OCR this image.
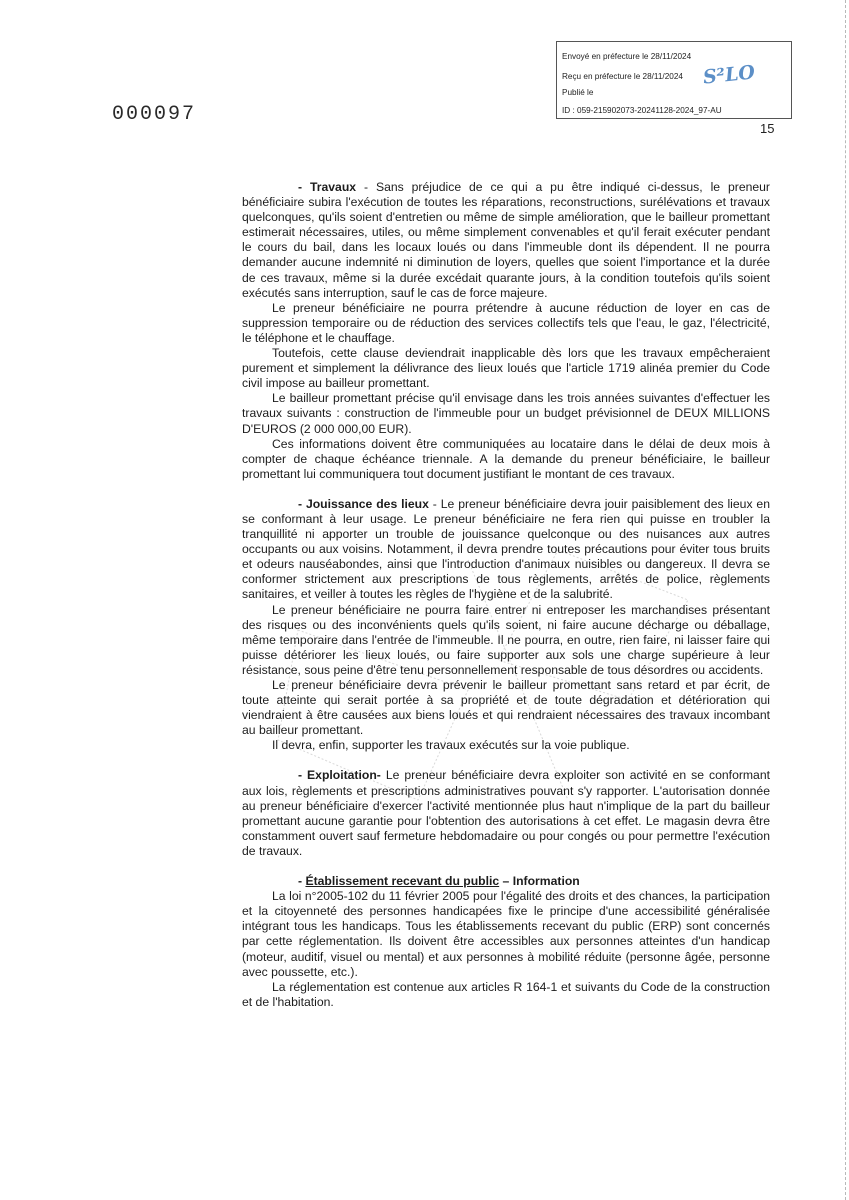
Envoyé en préfecture le 28/11/2024
Reçu en préfecture le 28/11/2024
Publié le
ID : 059-215902073-20241128-2024_97-AU
S²LO
000097
15

- Travaux - Sans préjudice de ce qui a pu être indiqué ci-dessus, le preneur bénéficiaire subira l'exécution de toutes les réparations, reconstructions, surélévations et travaux quelconques, qu'ils soient d'entretien ou même de simple amélioration, que le bailleur promettant estimerait nécessaires, utiles, ou même simplement convenables et qu'il ferait exécuter pendant le cours du bail, dans les locaux loués ou dans l'immeuble dont ils dépendent. Il ne pourra demander aucune indemnité ni diminution de loyers, quelles que soient l'importance et la durée de ces travaux, même si la durée excédait quarante jours, à la condition toutefois qu'ils soient exécutés sans interruption, sauf le cas de force majeure.

Le preneur bénéficiaire ne pourra prétendre à aucune réduction de loyer en cas de suppression temporaire ou de réduction des services collectifs tels que l'eau, le gaz, l'électricité, le téléphone et le chauffage.

Toutefois, cette clause deviendrait inapplicable dès lors que les travaux empêcheraient purement et simplement la délivrance des lieux loués que l'article 1719 alinéa premier du Code civil impose au bailleur promettant.

Le bailleur promettant précise qu'il envisage dans les trois années suivantes d'effectuer les travaux suivants : construction de l'immeuble pour un budget prévisionnel de DEUX MILLIONS D'EUROS (2 000 000,00 EUR).

Ces informations doivent être communiquées au locataire dans le délai de deux mois à compter de chaque échéance triennale. A la demande du preneur bénéficiaire, le bailleur promettant lui communiquera tout document justifiant le montant de ces travaux.

- Jouissance des lieux - Le preneur bénéficiaire devra jouir paisiblement des lieux en se conformant à leur usage. Le preneur bénéficiaire ne fera rien qui puisse en troubler la tranquillité ni apporter un trouble de jouissance quelconque ou des nuisances aux autres occupants ou aux voisins. Notamment, il devra prendre toutes précautions pour éviter tous bruits et odeurs nauséabondes, ainsi que l'introduction d'animaux nuisibles ou dangereux. Il devra se conformer strictement aux prescriptions de tous règlements, arrêtés de police, règlements sanitaires, et veiller à toutes les règles de l'hygiène et de la salubrité.

Le preneur bénéficiaire ne pourra faire entrer ni entreposer les marchandises présentant des risques ou des inconvénients quels qu'ils soient, ni faire aucune décharge ou déballage, même temporaire dans l'entrée de l'immeuble. Il ne pourra, en outre, rien faire, ni laisser faire qui puisse détériorer les lieux loués, ou faire supporter aux sols une charge supérieure à leur résistance, sous peine d'être tenu personnellement responsable de tous désordres ou accidents.

Le preneur bénéficiaire devra prévenir le bailleur promettant sans retard et par écrit, de toute atteinte qui serait portée à sa propriété et de toute dégradation et détérioration qui viendraient à être causées aux biens loués et qui rendraient nécessaires des travaux incombant au bailleur promettant.

Il devra, enfin, supporter les travaux exécutés sur la voie publique.

- Exploitation- Le preneur bénéficiaire devra exploiter son activité en se conformant aux lois, règlements et prescriptions administratives pouvant s'y rapporter. L'autorisation donnée au preneur bénéficiaire d'exercer l'activité mentionnée plus haut n'implique de la part du bailleur promettant aucune garantie pour l'obtention des autorisations à cet effet. Le magasin devra être constamment ouvert sauf fermeture hebdomadaire ou pour congés ou pour permettre l'exécution de travaux.

- Établissement recevant du public – Information

La loi n°2005-102 du 11 février 2005 pour l'égalité des droits et des chances, la participation et la citoyenneté des personnes handicapées fixe le principe d'une accessibilité généralisée intégrant tous les handicaps. Tous les établissements recevant du public (ERP) sont concernés par cette réglementation. Ils doivent être accessibles aux personnes atteintes d'un handicap (moteur, auditif, visuel ou mental) et aux personnes à mobilité réduite (personne âgée, personne avec poussette, etc.).

La réglementation est contenue aux articles R 164-1 et suivants du Code de la construction et de l'habitation.
